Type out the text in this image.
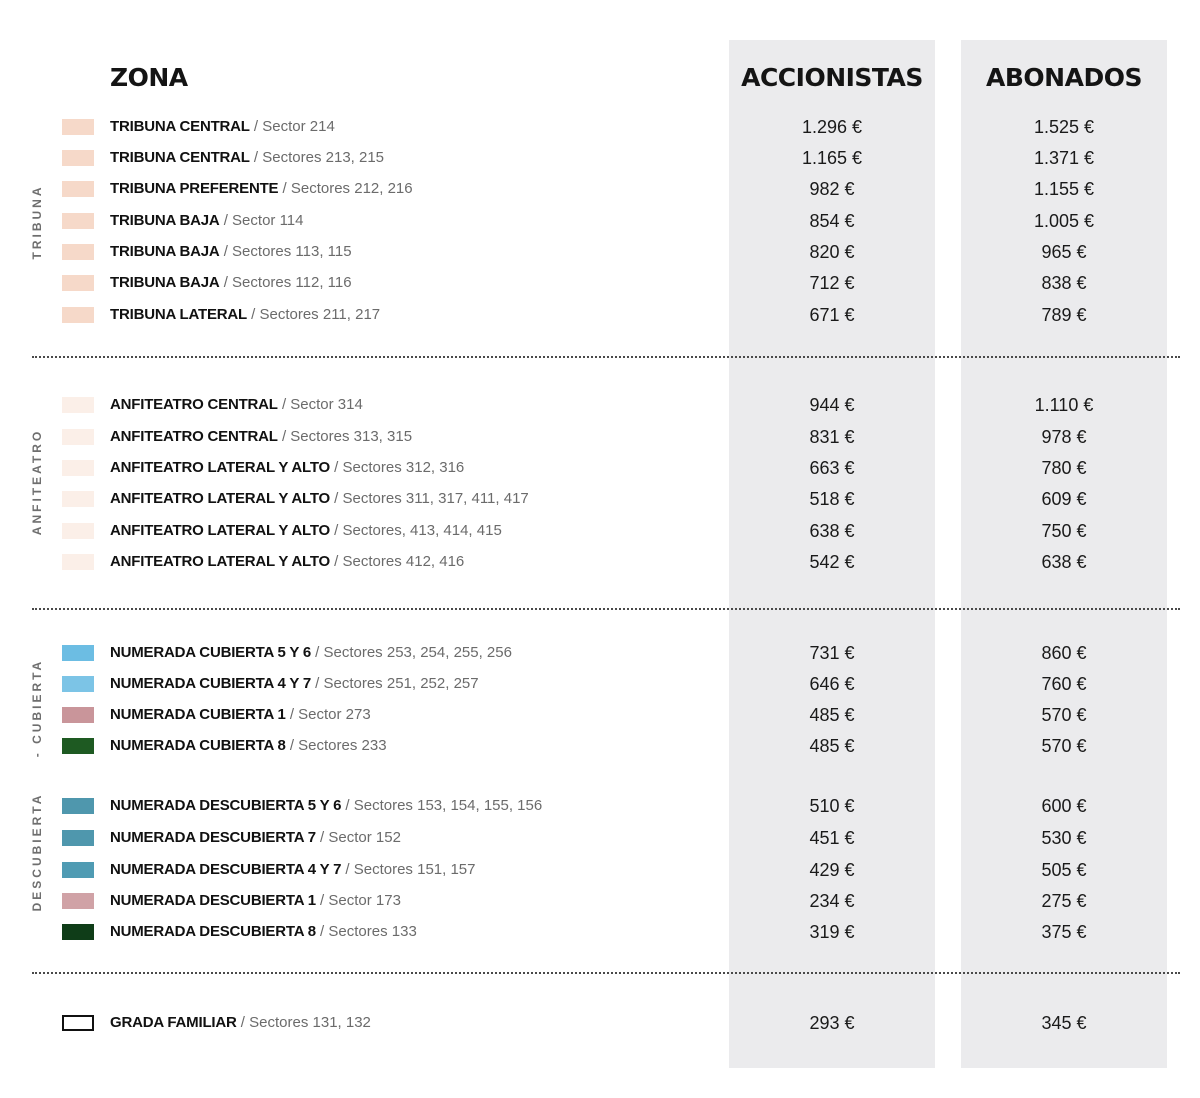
ZONA	ACCIONISTAS	ABONADOS
TRIBUNA
ANFITEATRO
- CUBIERTA
DESCUBIERTA
TRIBUNA CENTRAL / Sector 214	1.296 €	1.525 €
TRIBUNA CENTRAL / Sectores 213, 215	1.165 €	1.371 €
TRIBUNA PREFERENTE / Sectores 212, 216	982 €	1.155 €
TRIBUNA BAJA / Sector 114	854 €	1.005 €
TRIBUNA BAJA / Sectores 113, 115	820 €	965 €
TRIBUNA BAJA / Sectores 112, 116	712 €	838 €
TRIBUNA LATERAL / Sectores 211, 217	671 €	789 €
ANFITEATRO CENTRAL / Sector 314	944 €	1.110 €
ANFITEATRO CENTRAL / Sectores 313, 315	831 €	978 €
ANFITEATRO LATERAL Y ALTO / Sectores 312, 316	663 €	780 €
ANFITEATRO LATERAL Y ALTO / Sectores 311, 317, 411, 417	518 €	609 €
ANFITEATRO LATERAL Y ALTO / Sectores, 413, 414, 415	638 €	750 €
ANFITEATRO LATERAL Y ALTO / Sectores 412, 416	542 €	638 €
NUMERADA CUBIERTA 5 Y 6 / Sectores 253, 254, 255, 256	731 €	860 €
NUMERADA CUBIERTA 4 Y 7 / Sectores 251, 252, 257	646 €	760 €
NUMERADA CUBIERTA 1 / Sector 273	485 €	570 €
NUMERADA CUBIERTA 8 / Sectores 233	485 €	570 €
NUMERADA DESCUBIERTA 5 Y 6 / Sectores 153, 154, 155, 156	510 €	600 €
NUMERADA DESCUBIERTA 7 / Sector 152	451 €	530 €
NUMERADA DESCUBIERTA 4 Y 7 / Sectores 151, 157	429 €	505 €
NUMERADA DESCUBIERTA 1 / Sector 173	234 €	275 €
NUMERADA DESCUBIERTA 8 / Sectores 133	319 €	375 €
GRADA FAMILIAR / Sectores 131, 132	293 €	345 €
